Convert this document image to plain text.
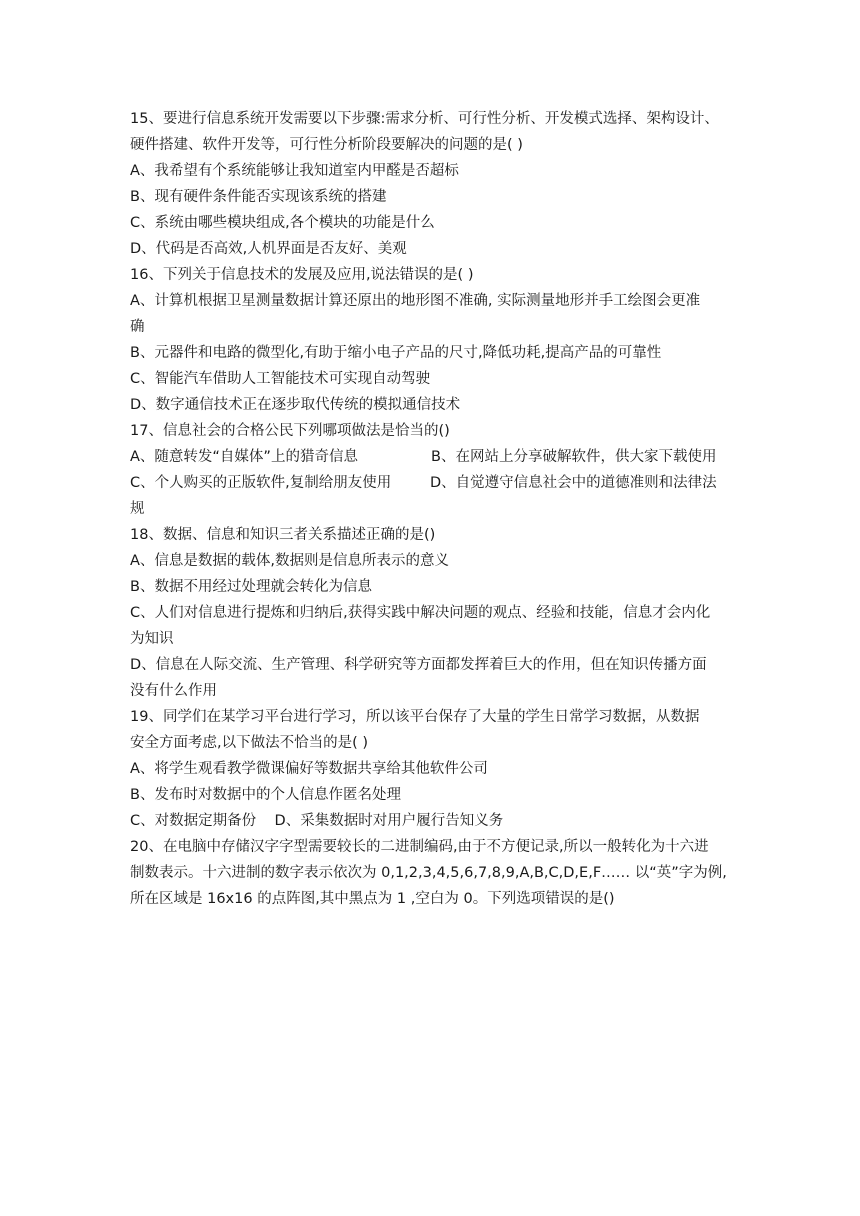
15、要进行信息系统开发需要以下步骤:需求分析、可行性分析、开发模式选择、架构设计、
硬件搭建、软件开发等，可行性分析阶段要解决的问题的是( )
A、我希望有个系统能够让我知道室内甲醛是否超标
B、现有硬件条件能否实现该系统的搭建
C、系统由哪些模块组成,各个模块的功能是什么
D、代码是否高效,人机界面是否友好、美观
16、下列关于信息技术的发展及应用,说法错误的是( )
A、计算机根据卫星测量数据计算还原出的地形图不准确, 实际测量地形并手工绘图会更准
确
B、元器件和电路的微型化,有助于缩小电子产品的尺寸,降低功耗,提高产品的可靠性
C、智能汽车借助人工智能技术可实现自动驾驶
D、数字通信技术正在逐步取代传统的模拟通信技术
17、信息社会的合格公民下列哪项做法是恰当的()
A、随意转发“自媒体”上的猎奇信息	B、在网站上分享破解软件，供大家下载使用
C、个人购买的正版软件,复制给朋友使用	D、自觉遵守信息社会中的道德准则和法律法
规
18、数据、信息和知识三者关系描述正确的是()
A、信息是数据的载体,数据则是信息所表示的意义
B、数据不用经过处理就会转化为信息
C、人们对信息进行提炼和归纳后,获得实践中解决问题的观点、经验和技能，信息才会内化
为知识
D、信息在人际交流、生产管理、科学研究等方面都发挥着巨大的作用，但在知识传播方面
没有什么作用
19、同学们在某学习平台进行学习，所以该平台保存了大量的学生日常学习数据，从数据
安全方面考虑,以下做法不恰当的是( )
A、将学生观看教学微课偏好等数据共享给其他软件公司
B、发布时对数据中的个人信息作匿名处理
C、对数据定期备份    D、采集数据时对用户履行告知义务
20、在电脑中存储汉字字型需要较长的二进制编码,由于不方便记录,所以一般转化为十六进
制数表示。十六进制的数字表示依次为 0,1,2,3,4,5,6,7,8,9,A,B,C,D,E,F…… 以“英”字为例,
所在区域是 16x16 的点阵图,其中黑点为 1 ,空白为 0。下列选项错误的是()
